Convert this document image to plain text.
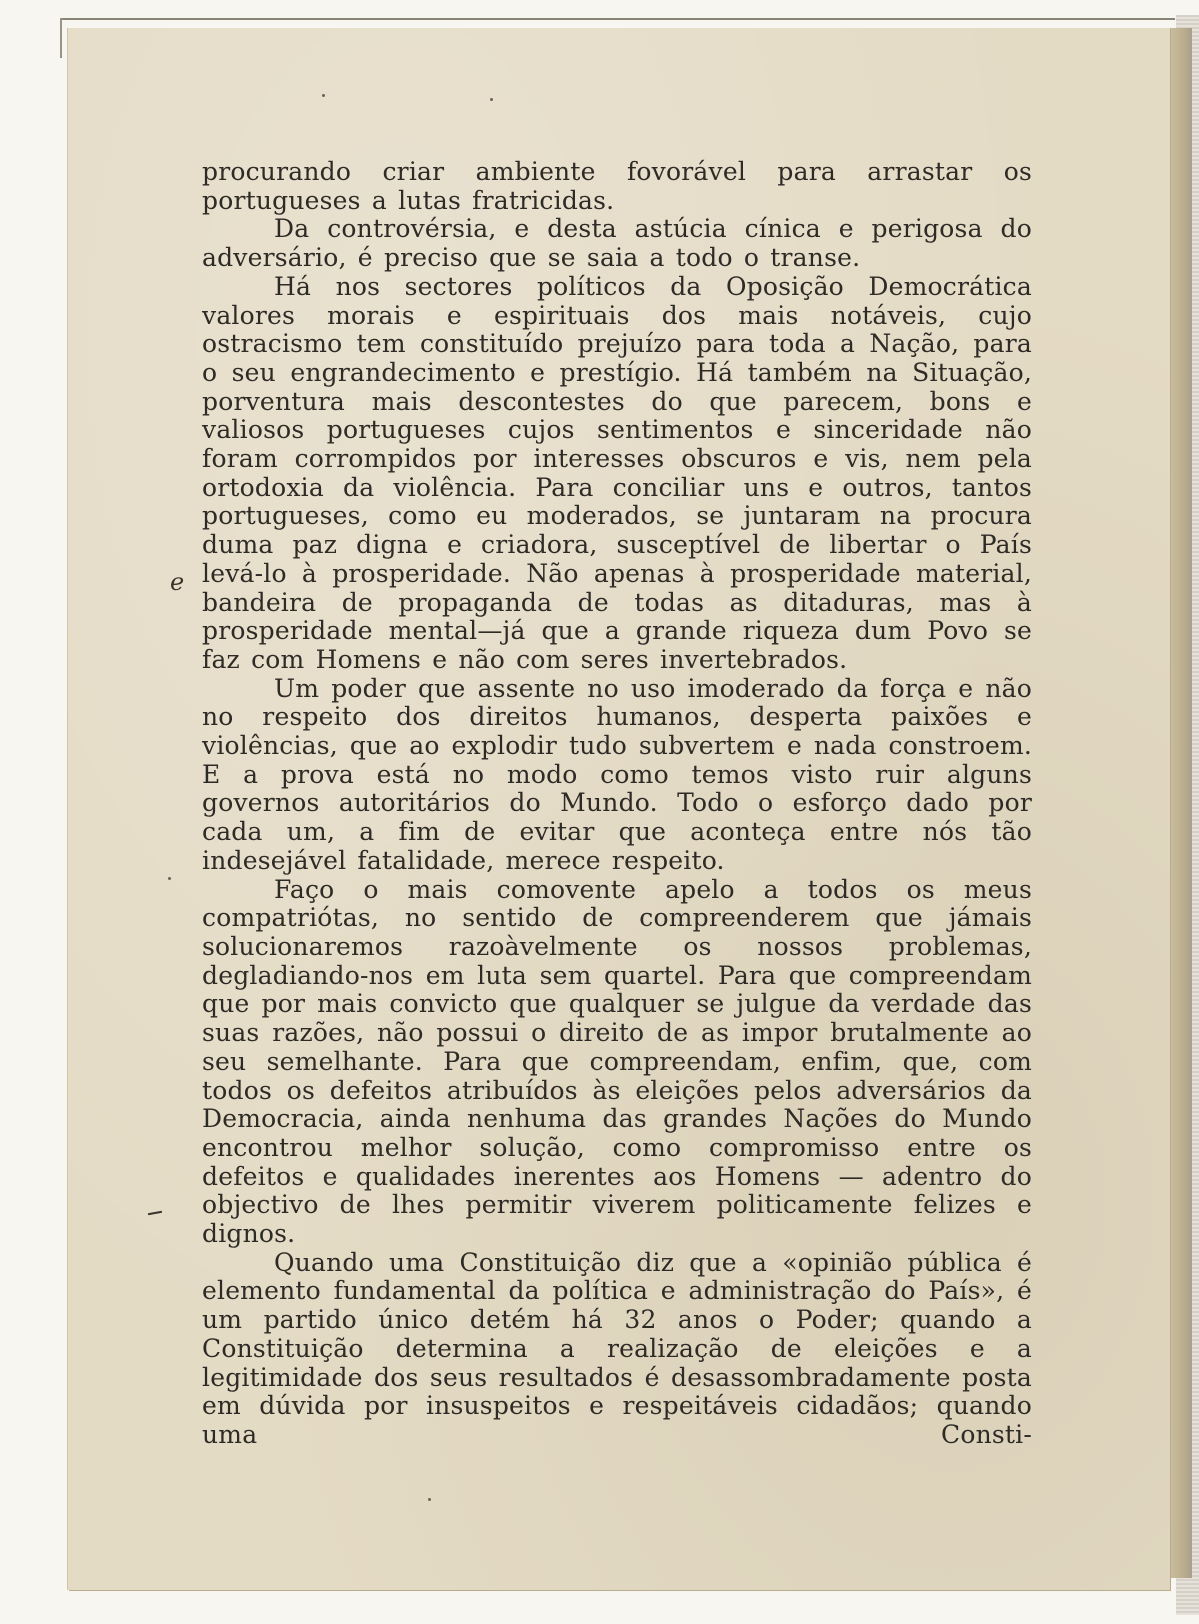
procurando criar ambiente fovorável para arrastar os portugueses a lutas fratricidas.

Da controvérsia, e desta astúcia cínica e perigosa do adversário, é preciso que se saia a todo o transe.

Há nos sectores políticos da Oposição Democrática valores morais e espirituais dos mais notáveis, cujo ostracismo tem constituído prejuízo para toda a Nação, para o seu engrandecimento e prestígio. Há também na Situação, porventura mais descontestes do que parecem, bons e valiosos portugueses cujos sentimentos e sinceridade não foram corrompidos por interesses obscuros e vis, nem pela ortodoxia da violência. Para conciliar uns e outros, tantos portugueses, como eu moderados, se juntaram na procura duma paz digna e criadora, susceptível de libertar o País levá-lo à prosperidade. Não apenas à prosperidade material, bandeira de propaganda de todas as ditaduras, mas à prosperidade mental—já que a grande riqueza dum Povo se faz com Homens e não com seres invertebrados.

Um poder que assente no uso imoderado da força e não no respeito dos direitos humanos, desperta paixões e violências, que ao explodir tudo subvertem e nada constroem. E a prova está no modo como temos visto ruir alguns governos autoritários do Mundo. Todo o esforço dado por cada um, a fim de evitar que aconteça entre nós tão indesejável fatalidade, merece respeito.

Faço o mais comovente apelo a todos os meus compatriótas, no sentido de compreenderem que jámais solucionaremos razoàvelmente os nossos problemas, degladiando-nos em luta sem quartel. Para que compreendam que por mais convicto que qualquer se julgue da verdade das suas razões, não possui o direito de as impor brutalmente ao seu semelhante. Para que compreendam, enfim, que, com todos os defeitos atribuídos às eleições pelos adversários da Democracia, ainda nenhuma das grandes Nações do Mundo encontrou melhor solução, como compromisso entre os defeitos e qualidades inerentes aos Homens — adentro do objectivo de lhes permitir viverem politicamente felizes e dignos.

Quando uma Constituição diz que a «opinião pública é elemento fundamental da política e administração do País», é um partido único detém há 32 anos o Poder; quando a Constituição determina a realização de eleições e a legitimidade dos seus resultados é desassombradamente posta em dúvida por insuspeitos e respeitáveis cidadãos; quando uma Consti-

e
